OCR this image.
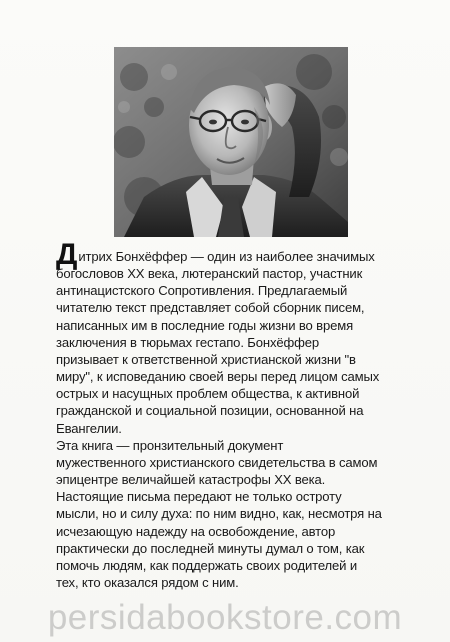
Дитрих Бонхёффер — один из наиболее значимых
богословов XX века, лютеранский пастор, участник
антинацистского Сопротивления. Предлагаемый
читателю текст представляет собой сборник писем,
написанных им в последние годы жизни во время
заключения в тюрьмах гестапо. Бонхёффер
призывает к ответственной христианской жизни "в
миру", к исповеданию своей веры перед лицом самых
острых и насущных проблем общества, к активной
гражданской и социальной позиции, основанной на
Евангелии.

Эта книга — пронзительный документ
мужественного христианского свидетельства в самом
эпицентре величайшей катастрофы XX века.
Настоящие письма передают не только остроту
мысли, но и силу духа: по ним видно, как, несмотря на
исчезающую надежду на освобождение, автор
практически до последней минуты думал о том, как
помочь людям, как поддержать своих родителей и
тех, кто оказался рядом с ним.

persidabookstore.com
